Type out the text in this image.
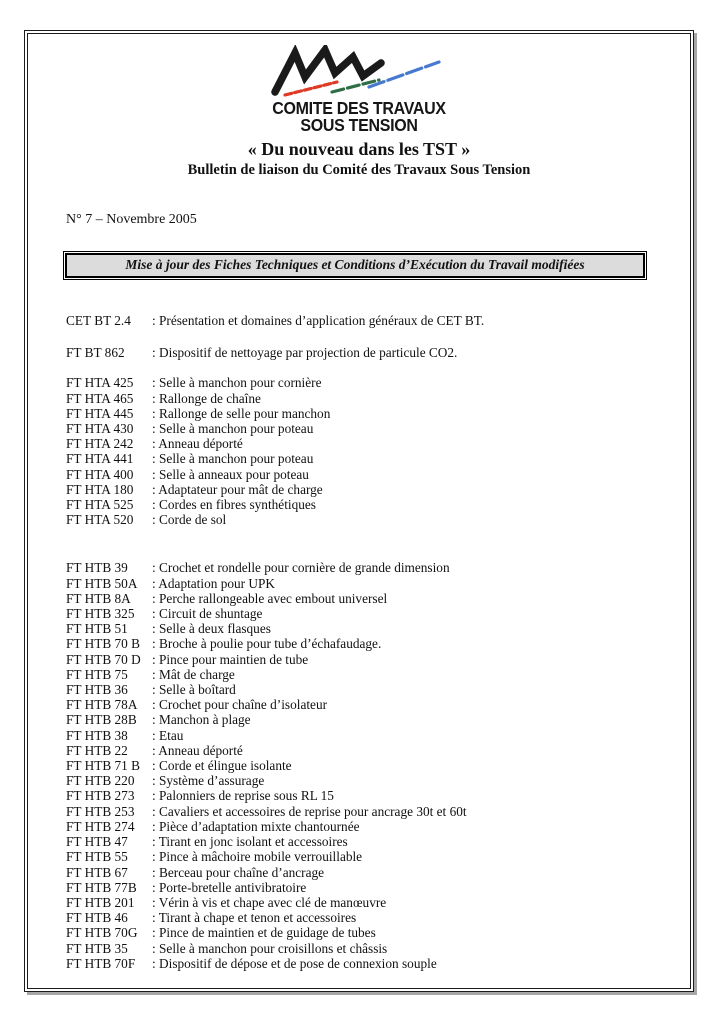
COMITE DES TRAVAUX
SOUS TENSION
« Du nouveau dans les TST »
Bulletin de liaison du Comité des Travaux Sous Tension
N° 7 – Novembre 2005
Mise à jour des Fiches Techniques et Conditions d’Exécution du Travail modifiées
CET BT 2.4	: Présentation et domaines d’application généraux de CET BT.
FT BT 862	: Dispositif de nettoyage par projection de particule CO2.
FT HTA 425	: Selle à manchon pour cornière
FT HTA 465	: Rallonge de chaîne
FT HTA 445	: Rallonge de selle pour manchon
FT HTA 430	: Selle à manchon pour poteau
FT HTA 242	: Anneau déporté
FT HTA 441	: Selle à manchon pour poteau
FT HTA 400	: Selle à anneaux pour poteau
FT HTA 180	: Adaptateur pour mât de charge
FT HTA 525	: Cordes en fibres synthétiques
FT HTA 520	: Corde de sol
FT HTB 39	: Crochet et rondelle pour cornière de grande dimension
FT HTB 50A	: Adaptation pour UPK
FT HTB 8A	: Perche rallongeable avec embout universel
FT HTB 325	: Circuit de shuntage
FT HTB 51	: Selle à deux flasques
FT HTB 70 B : Broche à poulie pour tube d’échafaudage.
FT HTB 70 D : Pince pour maintien de tube
FT HTB 75	: Mât de charge
FT HTB 36	: Selle à boîtard
FT HTB 78A	: Crochet pour chaîne d’isolateur
FT HTB 28B	: Manchon à plage
FT HTB 38	: Etau
FT HTB 22	: Anneau déporté
FT HTB 71 B : Corde et élingue isolante
FT HTB 220	: Système d’assurage
FT HTB 273	: Palonniers de reprise sous RL 15
FT HTB 253	: Cavaliers et accessoires de reprise pour ancrage 30t et 60t
FT HTB 274	: Pièce d’adaptation mixte chantournée
FT HTB 47	: Tirant en jonc isolant et accessoires
FT HTB 55	: Pince à mâchoire mobile verrouillable
FT HTB 67	: Berceau pour chaîne d’ancrage
FT HTB 77B	: Porte-bretelle antivibratoire
FT HTB 201	: Vérin à vis et chape avec clé de manœuvre
FT HTB 46	: Tirant à chape et tenon et accessoires
FT HTB 70G	: Pince de maintien et de guidage de tubes
FT HTB 35	: Selle à manchon pour croisillons et châssis
FT HTB 70F	: Dispositif de dépose et de pose de connexion souple
